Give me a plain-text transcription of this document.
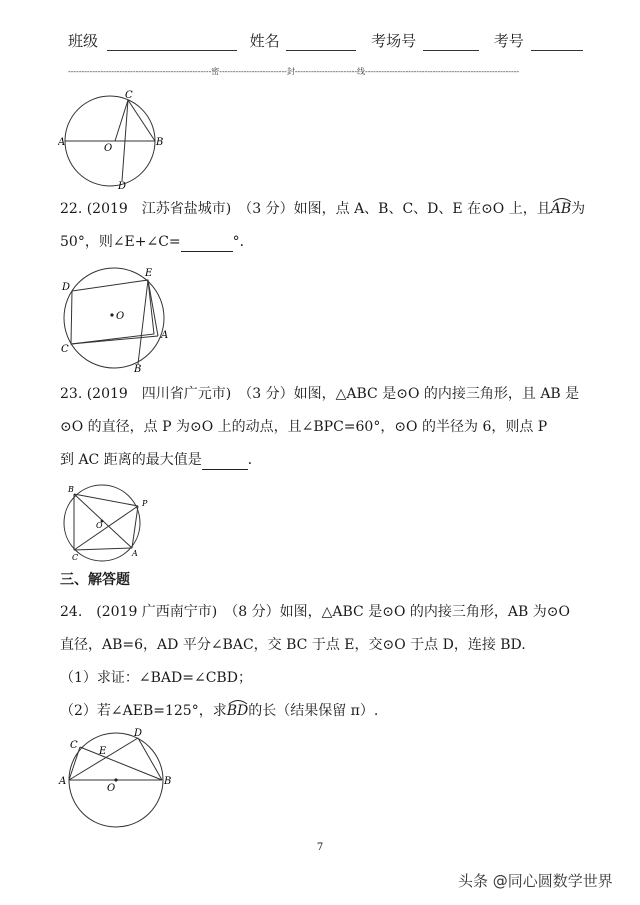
班级	姓名	考场号	考号
-----------------------------------------------------密-------------------------封-----------------------线---------------------------------------------------------
A
O
B
C
D
22. (2019　江苏省盐城市)　（3 分）如图，点 A、B、C、D、E 在⊙O 上，且
AB为
50°，则∠E+∠C=	°．
D
E
O
A
C
B
23. (2019　四川省广元市)　（3 分）如图，△ABC 是⊙O 的内接三角形，且 AB 是
⊙O 的直径，点 P 为⊙O 上的动点，且∠BPC=60°，⊙O 的半径为 6，则点 P
到 AC 距离的最大值是	．
B
P
O
A
C
三、解答题
24.　(2019 广西南宁市)　（8 分）如图，△ABC 是⊙O 的内接三角形，AB 为⊙O
直径，AB=6，AD 平分∠BAC，交 BC 于点 E，交⊙O 于点 D，连接 BD.
（1）求证：∠BAD=∠CBD；
（2）若∠AEB=125°，求
BD的长（结果保留 π）.
C
E
D
A
O
B
7
头条 @同心圆数学世界
